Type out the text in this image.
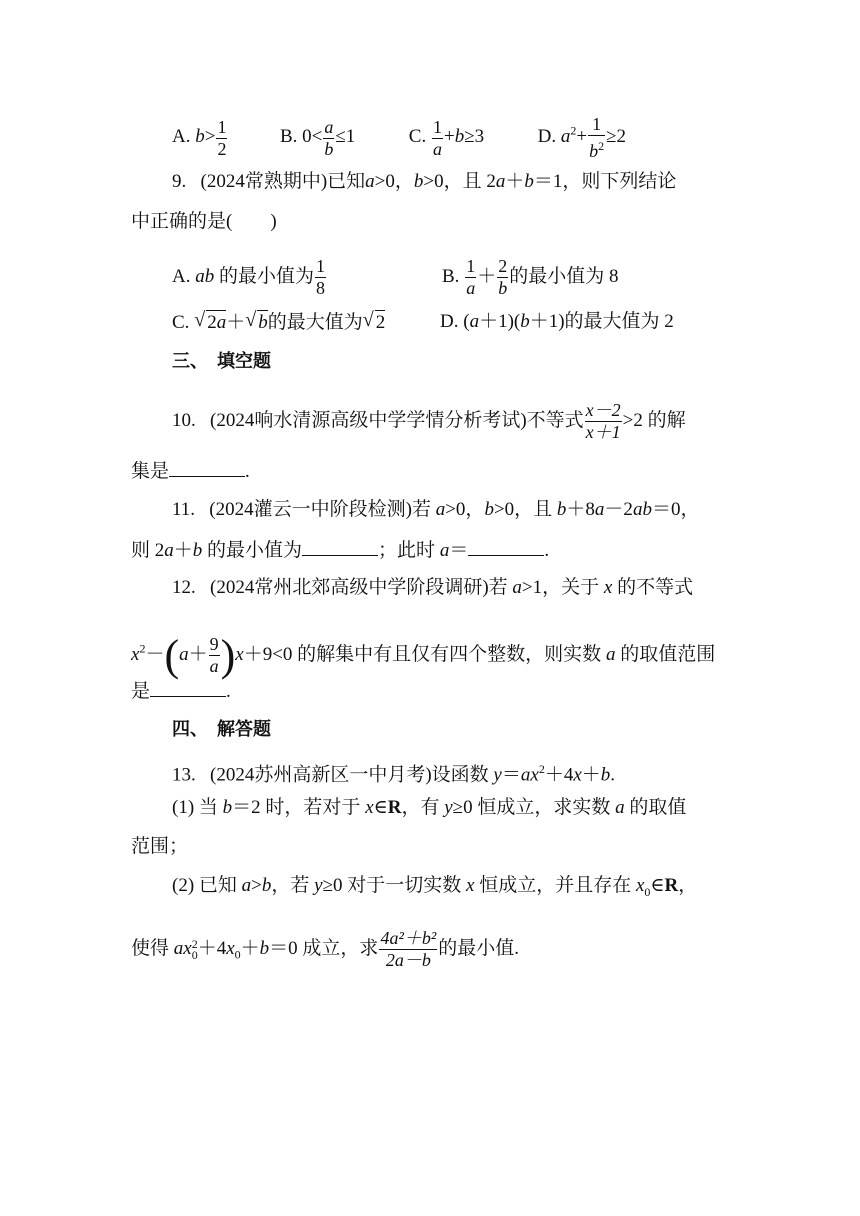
A. $b> \frac{1}{2}$	B. $0< \frac{a}{b} \le 1$	C. $\frac{1}{a} +b\ge 3$	D. $a^2+ \frac{1}{b^2} \ge 2$
9. (2024常熟期中)已知a>0，b>0，且 2a＋b＝1，则下列结论
中正确的是(　　)
A. ab 的最小值为 $\frac{1}{8}$	B. $\frac{1}{a} + \frac{2}{b}$ 的最小值为 8
C. √ 2a＋ √ b的最大值为 √ 2	D. (a＋1)(b＋1)的最大值为 2
三、　填空题
10. (2024响水清源高级中学学情分析考试)不等式 $\frac{x-2}{x+1} >2$ 的解
集是	.
11. (2024灌云一中阶段检测)若 a>0，b>0，且 b＋8a－2ab＝0，
则 2a＋b 的最小值为	；此时 a＝	.
12. (2024常州北郊高级中学阶段调研)若 a>1，关于 x 的不等式
$x^2-(a+ \frac{9}{a} )x+9<0$ 的解集中有且仅有四个整数，则实数 a 的取值范围
是	.
四、　解答题
13. (2024苏州高新区一中月考)设函数 $y=ax^2+4x+b$.
(1) 当 b＝2 时，若对于 x∈R，有 y≥0 恒成立，求实数 a 的取值
范围；
(2) 已知 a>b，若 y≥0 对于一切实数 x 恒成立，并且存在 $x_0\in R$，
使得 ax 2
$0 +4x_0+b=0$ 成立，求 $\frac{\text{4a²＋b²}}{2a-b}$ 的最小值.
